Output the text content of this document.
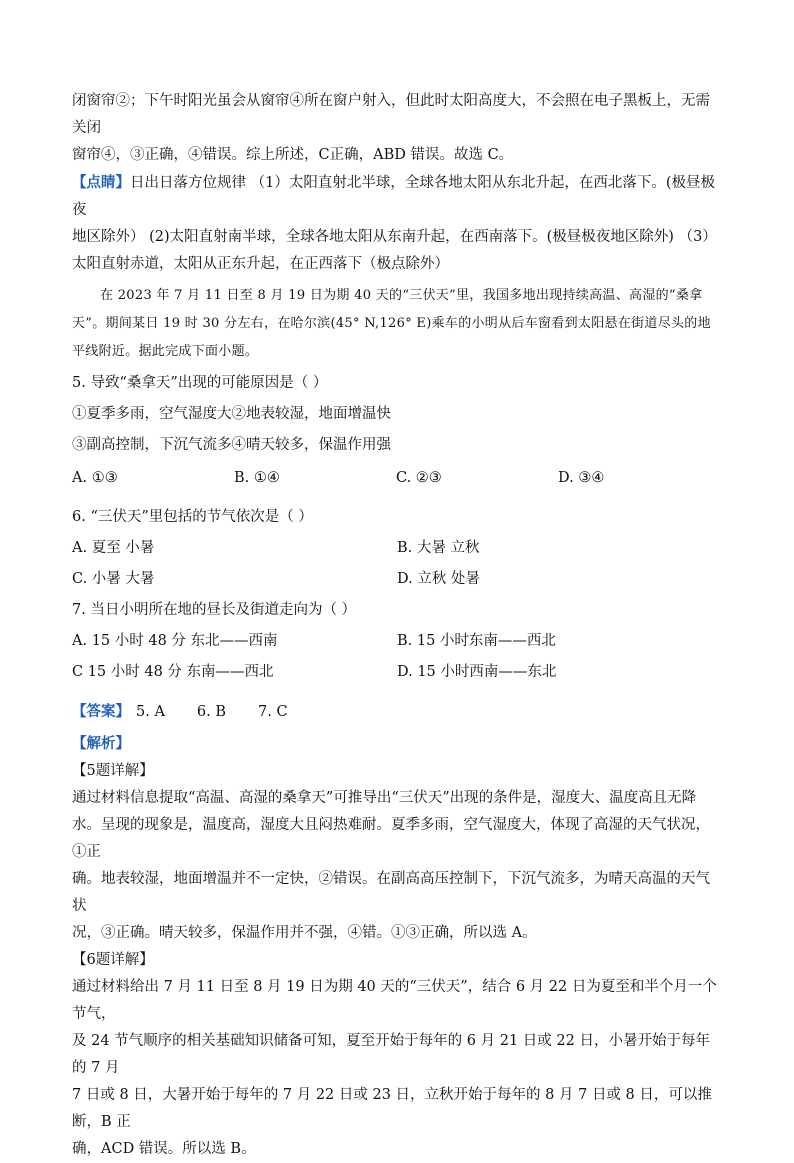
闭窗帘②；下午时阳光虽会从窗帘④所在窗户射入，但此时太阳高度大，不会照在电子黑板上，无需关闭

窗帘④，③正确，④错误。综上所述，C正确，ABD 错误。故选 C。

【点睛】日出日落方位规律 （1）太阳直射北半球，全球各地太阳从东北升起，在西北落下。(极昼极夜

地区除外） (2)太阳直射南半球，全球各地太阳从东南升起，在西南落下。(极昼极夜地区除外) （3）

太阳直射赤道，太阳从正东升起，在正西落下（极点除外）

在 2023 年 7 月 11 日至 8 月 19 日为期 40 天的“三伏天”里，我国多地出现持续高温、高湿的“桑拿

天”。期间某日 19 时 30 分左右，在哈尔滨(45° N,126° E)乘车的小明从后车窗看到太阳悬在街道尽头的地

平线附近。据此完成下面小题。

5. 导致“桑拿天”出现的可能原因是（ ）

①夏季多雨，空气湿度大②地表较湿，地面增温快

③副高控制，下沉气流多④晴天较多，保温作用强

A. ①③	B. ①④	C. ②③	D. ③④

6. “三伏天”里包括的节气依次是（ ）

A. 夏至 小暑	B. 大暑 立秋
C. 小暑 大暑	D. 立秋 处暑

7. 当日小明所在地的昼长及街道走向为（ ）

A. 15 小时 48 分 东北——西南	B. 15 小时东南——西北
C 15 小时 48 分 东南——西北	D. 15 小时西南——东北
【答案】 5. A 6. B 7. C

【解析】

【5题详解】

通过材料信息提取“高温、高湿的桑拿天”可推导出“三伏天”出现的条件是，湿度大、温度高且无降

水。呈现的现象是，温度高，湿度大且闷热难耐。夏季多雨，空气湿度大，体现了高湿的天气状况，①正

确。地表较湿，地面增温并不一定快，②错误。在副高高压控制下，下沉气流多，为晴天高温的天气状

况，③正确。晴天较多，保温作用并不强，④错。①③正确，所以选 A。

【6题详解】

通过材料给出 7 月 11 日至 8 月 19 日为期 40 天的“三伏天”，结合 6 月 22 日为夏至和半个月一个节气，

及 24 节气顺序的相关基础知识储备可知，夏至开始于每年的 6 月 21 日或 22 日，小暑开始于每年的 7 月

7 日或 8 日，大暑开始于每年的 7 月 22 日或 23 日，立秋开始于每年的 8 月 7 日或 8 日，可以推断，B 正

确，ACD 错误。所以选 B。
